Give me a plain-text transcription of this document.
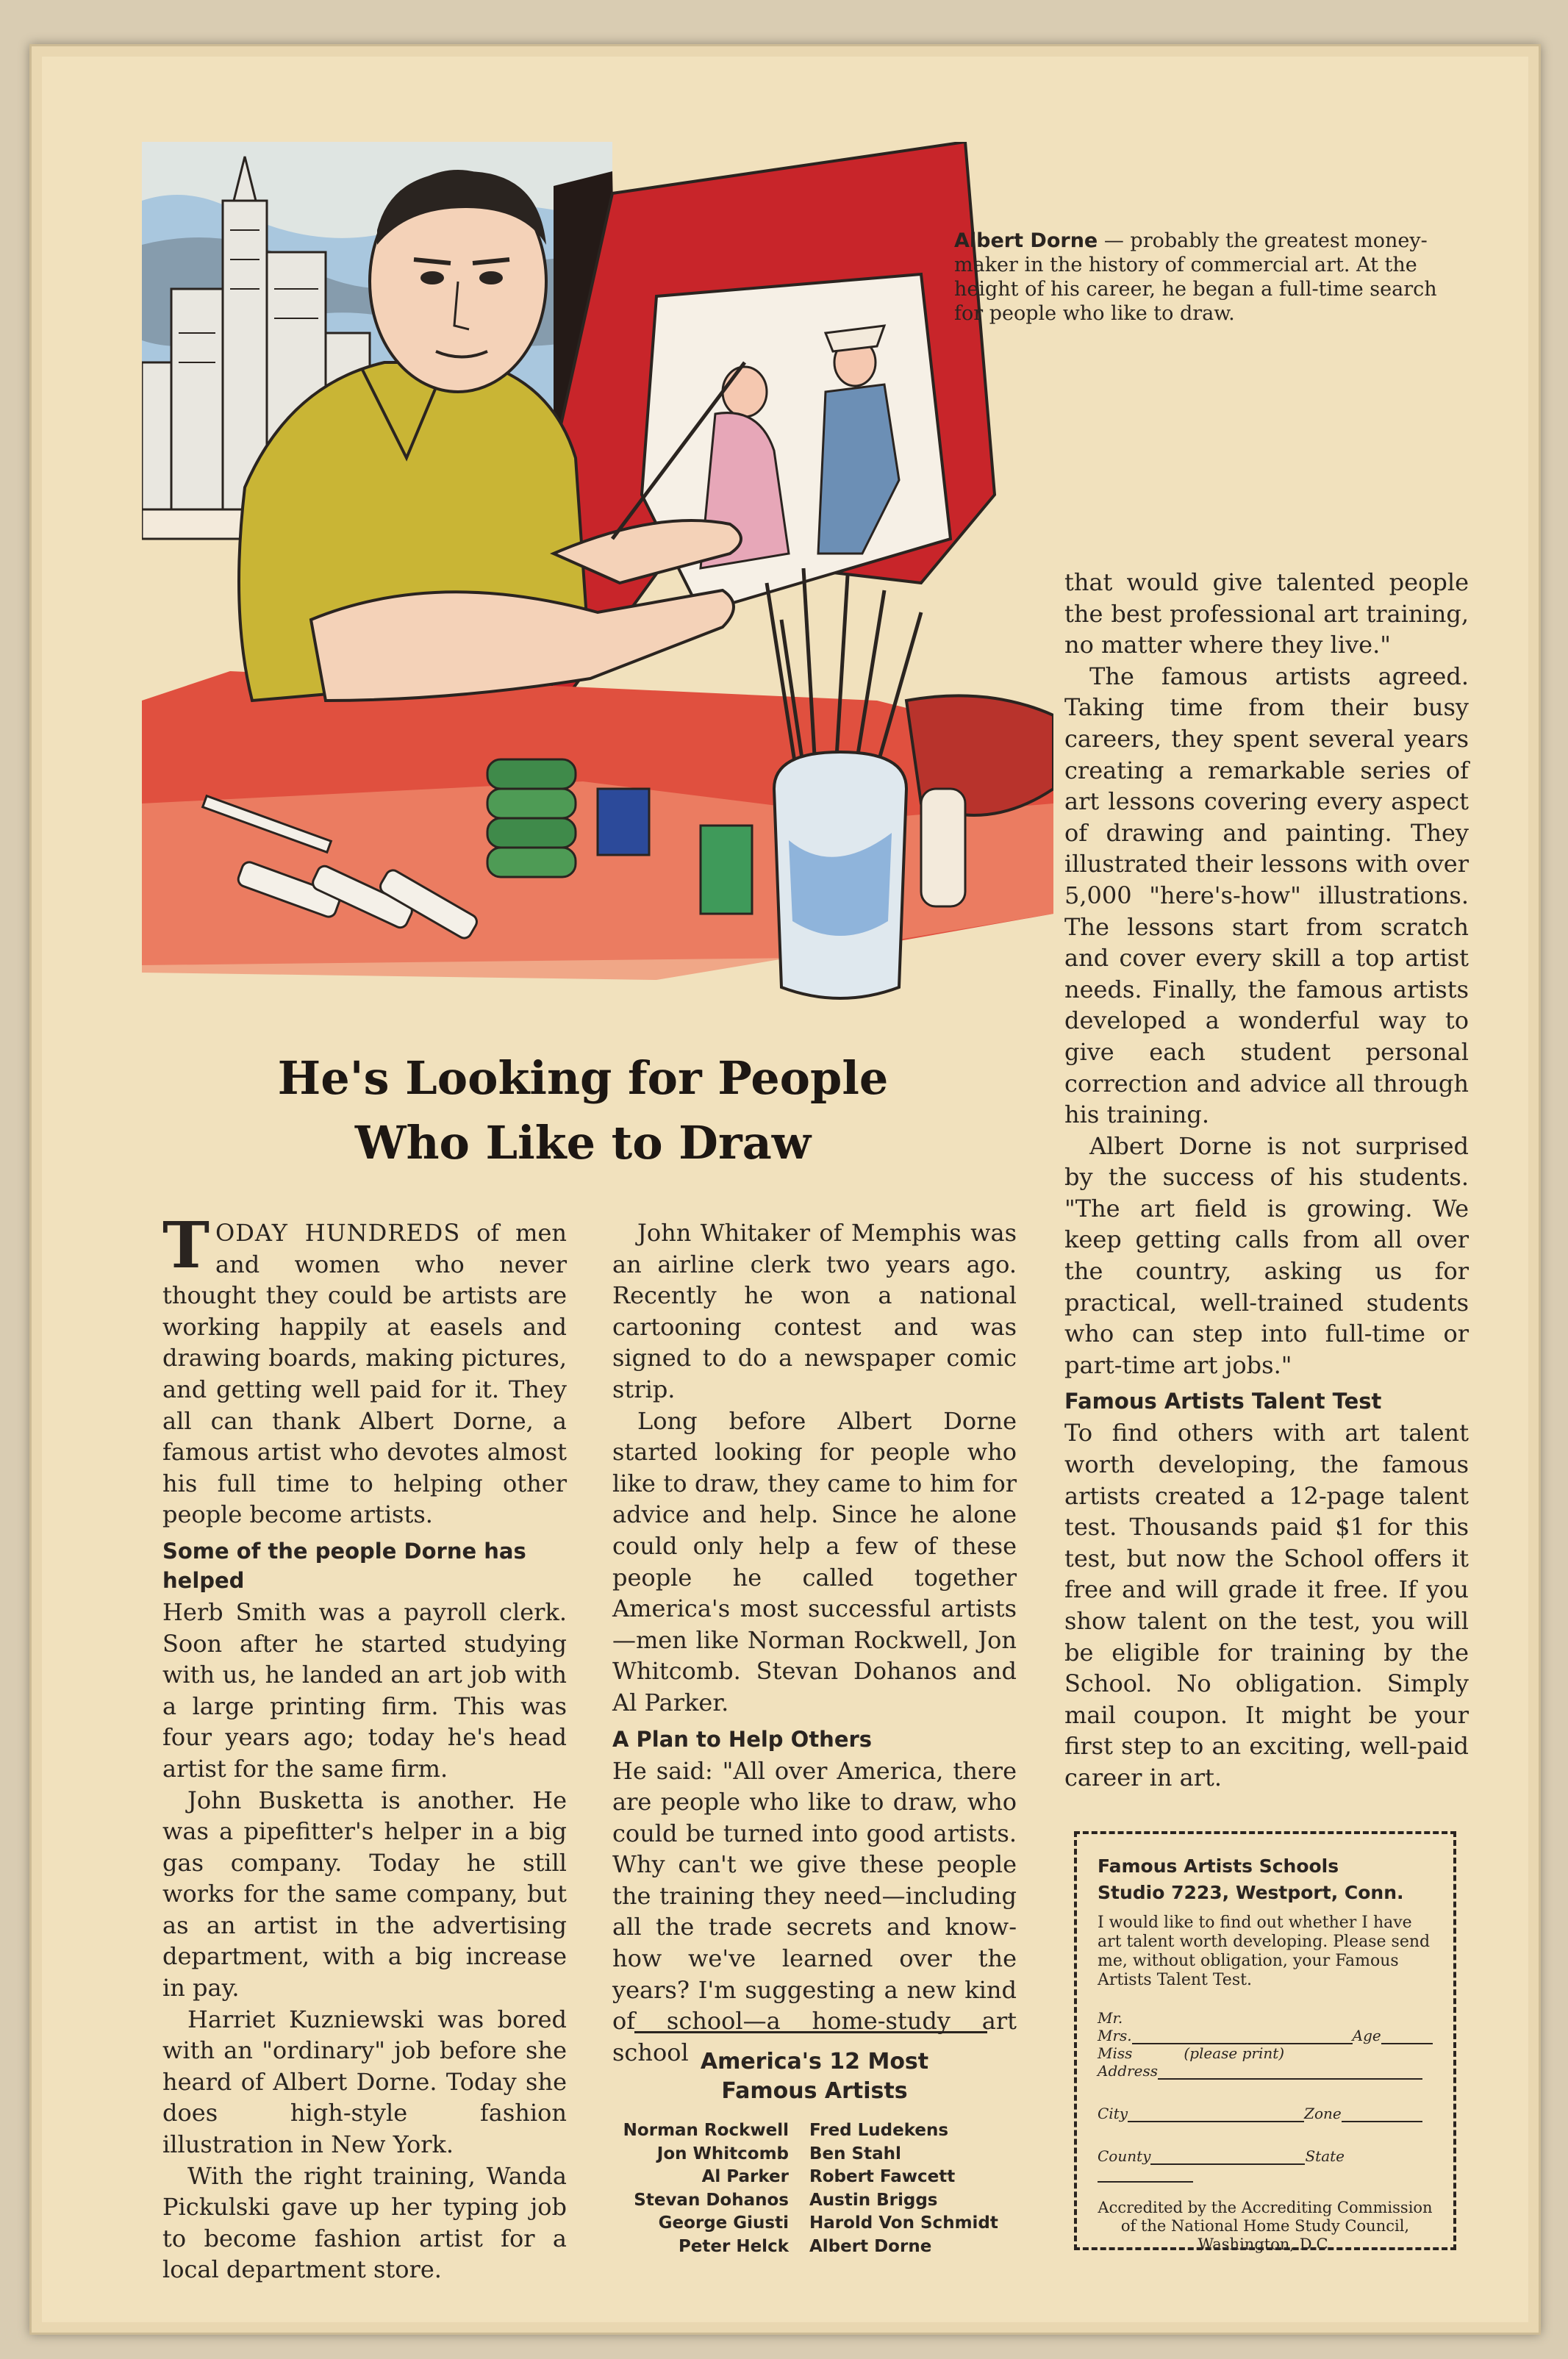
Albert Dorne — probably the greatest money-maker in the history of commercial art. At the height of his career, he began a full-time search for people who like to draw.
He's Looking for People
Who Like to Draw

TODAY HUNDREDS of men and women who never thought they could be artists are working happily at easels and drawing boards, making pictures, and getting well paid for it. They all can thank Albert Dorne, a famous artist who devotes almost his full time to helping other people become artists.

Some of the people Dorne has helped

Herb Smith was a payroll clerk. Soon after he started studying with us, he landed an art job with a large printing firm. This was four years ago; today he's head artist for the same firm.

John Busketta is another. He was a pipefitter's helper in a big gas company. Today he still works for the same company, but as an artist in the advertising department, with a big increase in pay.

Harriet Kuzniewski was bored with an "ordinary" job before she heard of Albert Dorne. Today she does high-style fashion illustration in New York.

With the right training, Wanda Pickulski gave up her typing job to become fashion artist for a local department store.

John Whitaker of Memphis was an airline clerk two years ago. Recently he won a national cartooning contest and was signed to do a newspaper comic strip.

Long before Albert Dorne started looking for people who like to draw, they came to him for advice and help. Since he alone could only help a few of these people he called together America's most successful artists —men like Norman Rockwell, Jon Whitcomb. Stevan Dohanos and Al Parker.

A Plan to Help Others

He said: "All over America, there are people who like to draw, who could be turned into good artists. Why can't we give these people the training they need—including all the trade secrets and know-how we've learned over the years? I'm suggesting a new kind of school—a home-study art school America's 12 Most
Famous Artists
Norman Rockwell	Fred Ludekens
Jon Whitcomb	Ben Stahl
Al Parker	Robert Fawcett
Stevan Dohanos	Austin Briggs
George Giusti	Harold Von Schmidt
Peter Helck	Albert Dorne

that would give talented people the best professional art training, no matter where they live."

The famous artists agreed. Taking time from their busy careers, they spent several years creating a remarkable series of art lessons covering every aspect of drawing and painting. They illustrated their lessons with over 5,000 "here's-how" illustrations. The lessons start from scratch and cover every skill a top artist needs. Finally, the famous artists developed a wonderful way to give each student personal correction and advice all through his training.

Albert Dorne is not surprised by the success of his students. "The art field is growing. We keep getting calls from all over the country, asking us for practical, well-trained students who can step into full-time or part-time art jobs."

Famous Artists Talent Test

To find others with art talent worth developing, the famous artists created a 12-page talent test. Thousands paid $1 for this test, but now the School offers it free and will grade it free. If you show talent on the test, you will be eligible for training by the School. No obligation. Simply mail coupon. It might be your first step to an exciting, well-paid career in art.

Famous Artists Schools
Studio 7223, Westport, Conn.
I would like to find out whether I have art talent worth developing. Please send me, without obligation, your Famous Artists Talent Test.
Mr.
Mrs.	Age
Miss	(please print)
Address
City	Zone
County	State
Accredited by the Accrediting Commission of the National Home Study Council, Washington, D.C.
